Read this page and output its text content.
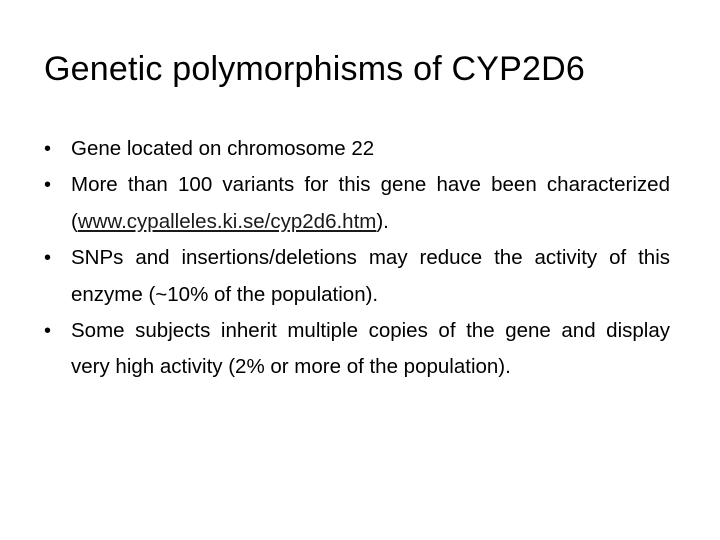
Genetic polymorphisms of CYP2D6
• Gene located on chromosome 22
• More than 100 variants for this gene have been characterized (www.cypalleles.ki.se/cyp2d6.htm).
• SNPs and insertions/deletions may reduce the activity of this enzyme (~10% of the population).
• Some subjects inherit multiple copies of the gene and display very high activity (2% or more of the population).
